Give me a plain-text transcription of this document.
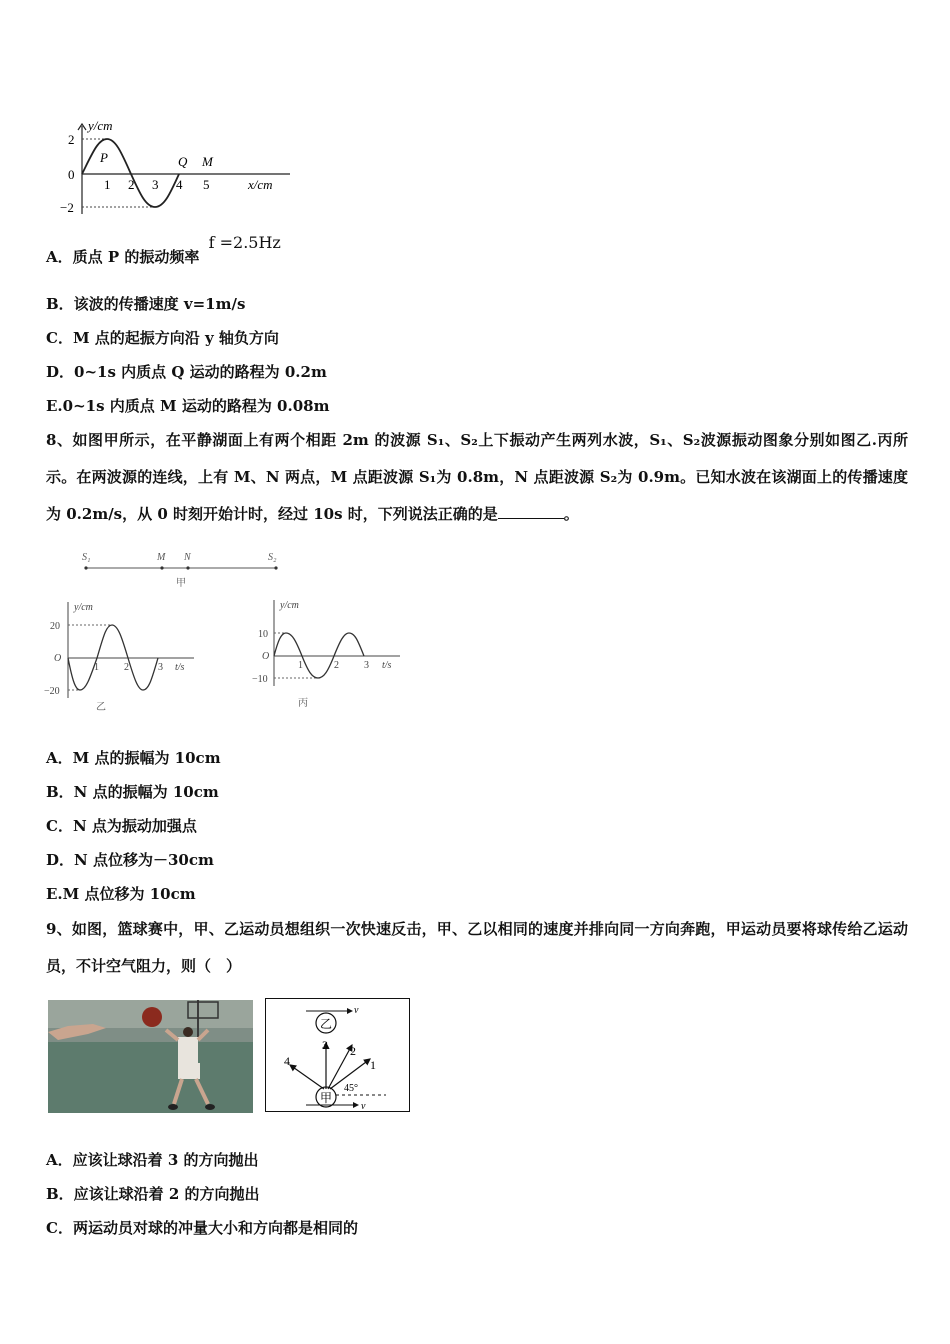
y/cm
2
0
−2
1 2 3 4 5	x/cm
P	Q M
A．质点 P 的振动频率 f =2.5Hz
B．该波的传播速度 v=1m/s
C．M 点的起振方向沿 y 轴负方向
D．0~1s 内质点 Q 运动的路程为 0.2m
E.0~1s 内质点 M 运动的路程为 0.08m
8、如图甲所示，在平静湖面上有两个相距 2m 的波源 S₁、S₂上下振动产生两列水波，S₁、S₂波源振动图象分别如图乙.丙所示。在两波源的连线，上有 M、N 两点，M 点距波源 S₁为 0.8m，N 点距波源 S₂为 0.9m。已知水波在该湖面上的传播速度为 0.2m/s，从 0 时刻开始计时，经过 10s 时，下列说法正确的是	。
S₁	M N	S₂
甲
y/cm
20
O
−20
1	2	3 t/s
乙
y/cm
10
O
−10
1	2	3 t/s
丙
A．M 点的振幅为 10cm
B．N 点的振幅为 10cm
C．N 点为振动加强点
D．N 点位移为－30cm
E.M 点位移为 10cm
9、如图，篮球赛中，甲、乙运动员想组织一次快速反击，甲、乙以相同的速度并排向同一方向奔跑，甲运动员要将球传给乙运动员，不计空气阻力，则（　）
乙
v
甲
v
3 2
1
4
45°
A．应该让球沿着 3 的方向抛出
B．应该让球沿着 2 的方向抛出
C．两运动员对球的冲量大小和方向都是相同的
